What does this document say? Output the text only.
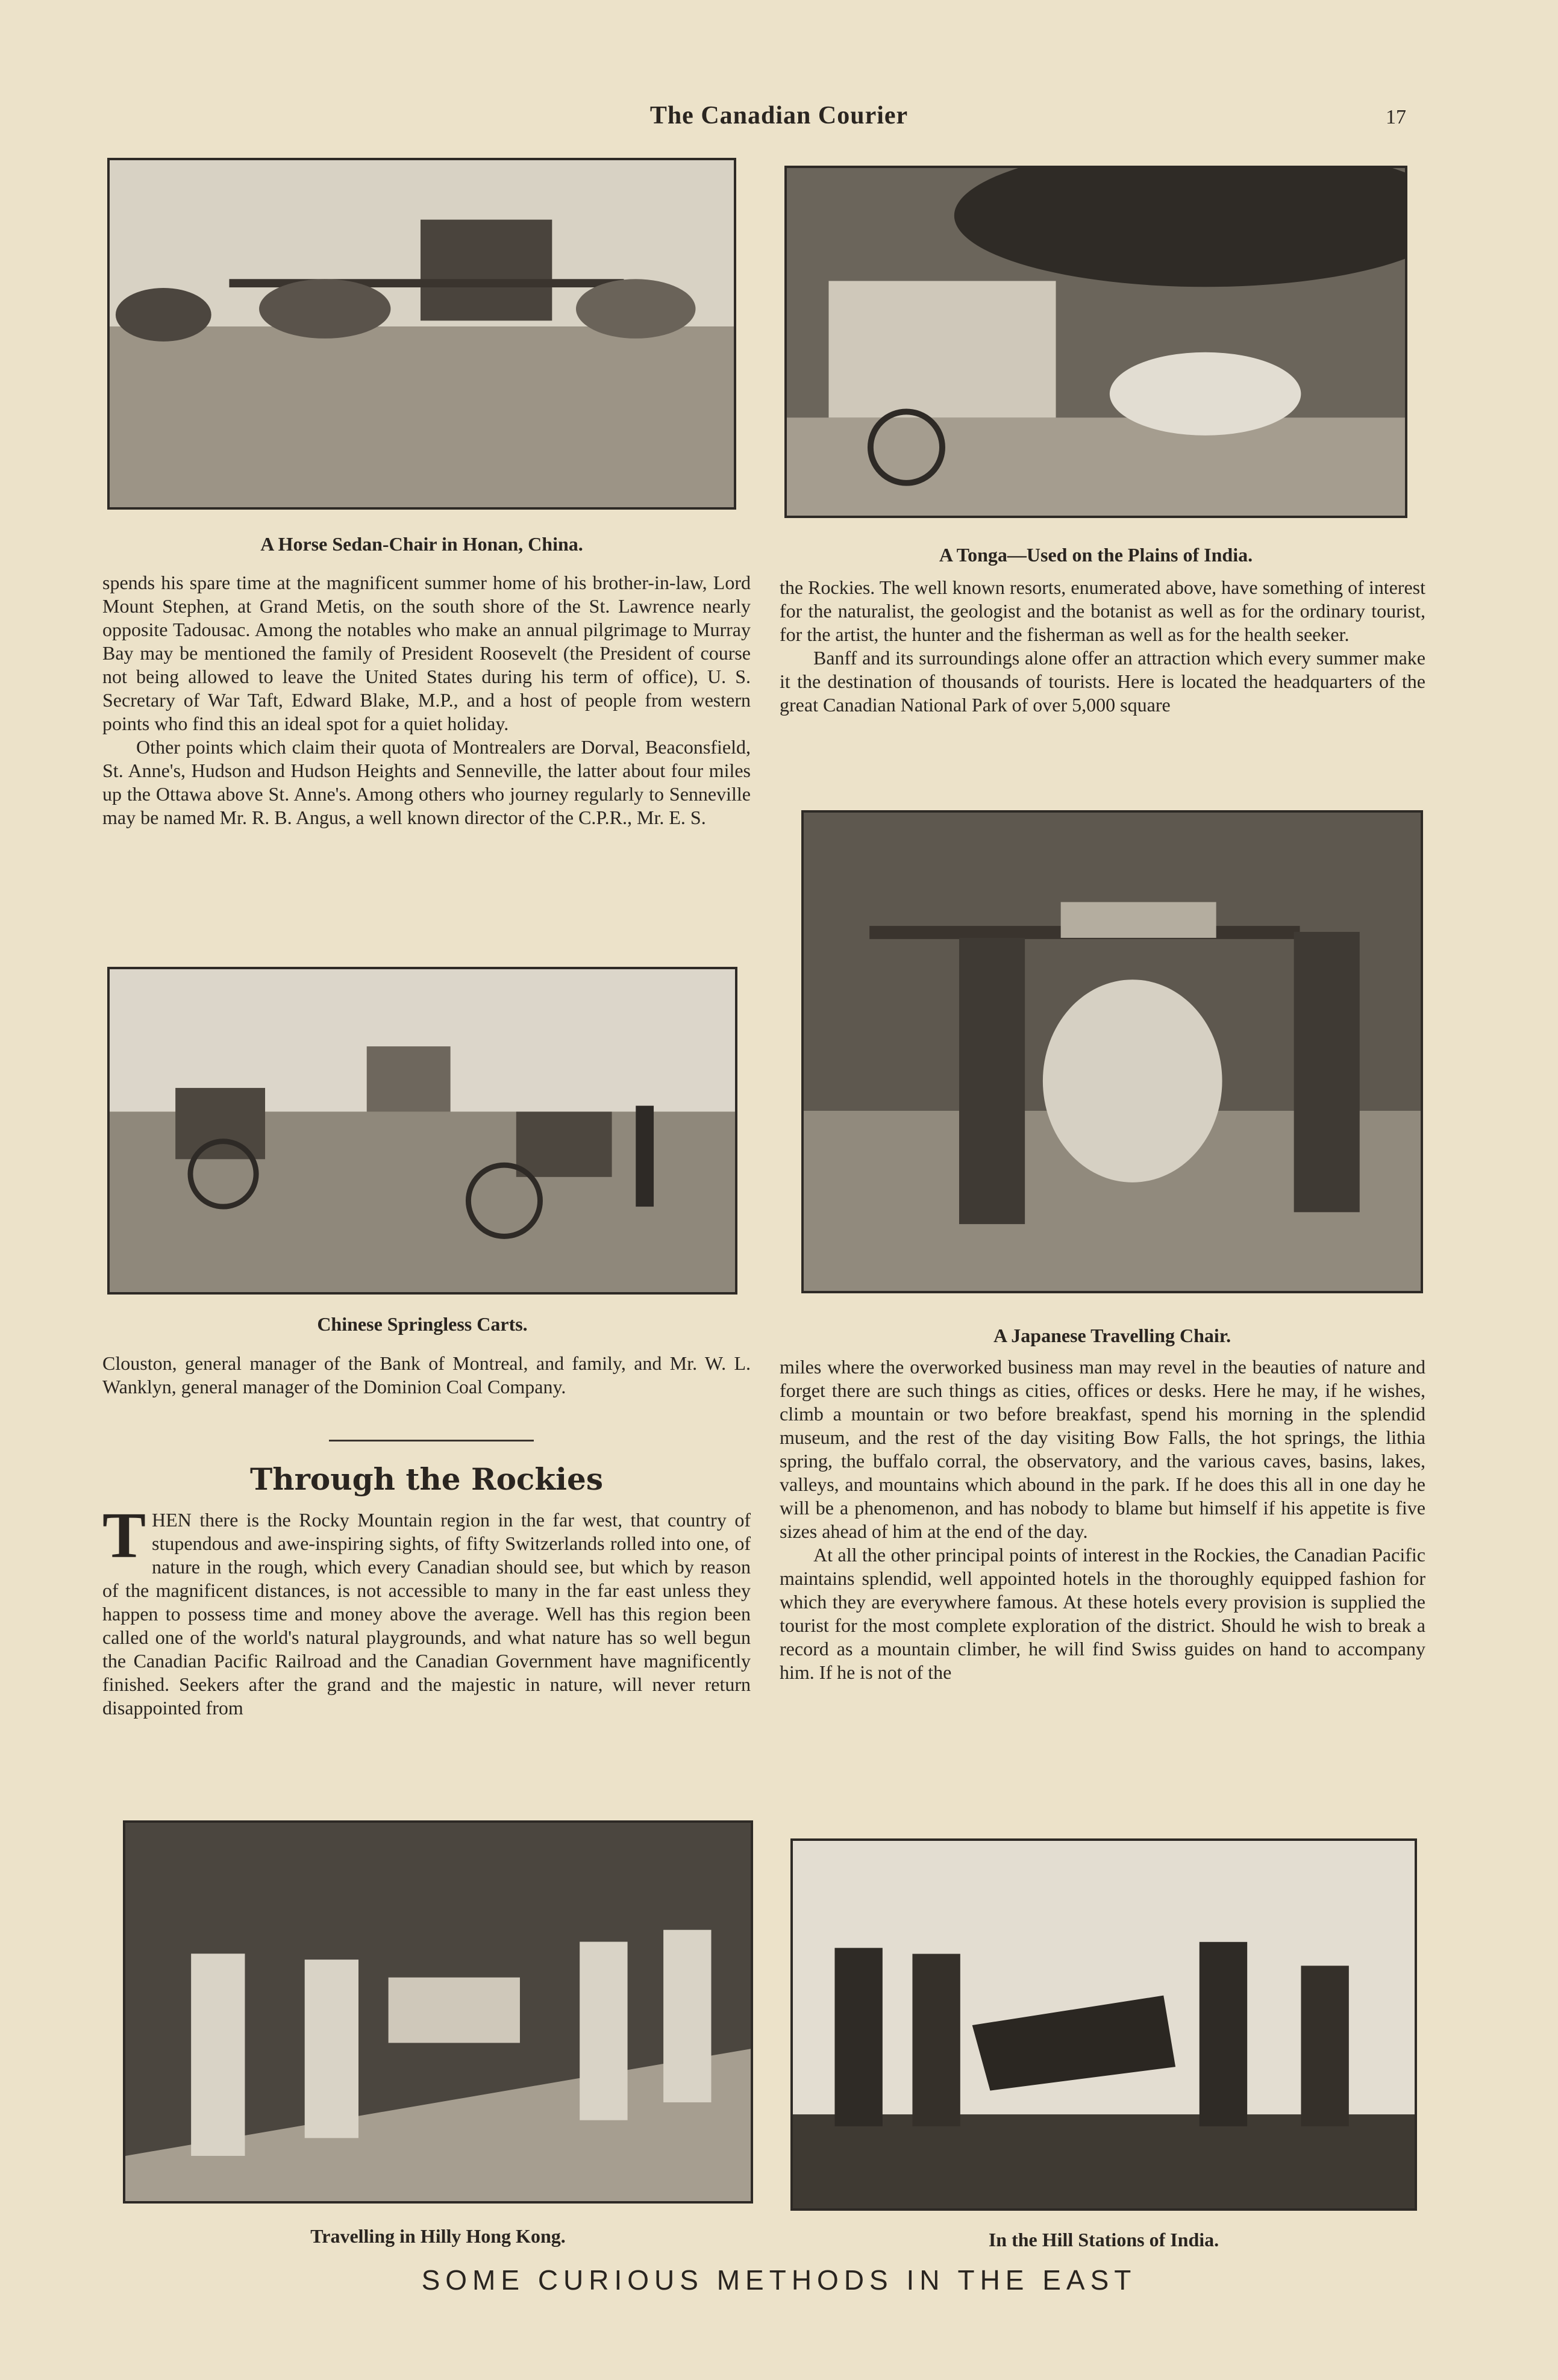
The Canadian Courier	17
A Horse Sedan-Chair in Honan, China.	A Tonga—Used on the Plains of India.

spends his spare time at the magnificent summer home of his brother-in-law, Lord Mount Stephen, at Grand Metis, on the south shore of the St. Lawrence nearly opposite Tadousac. Among the notables who make an annual pilgrimage to Murray Bay may be mentioned the family of President Roosevelt (the President of course not being allowed to leave the United States during his term of office), U. S. Secretary of War Taft, Edward Blake, M.P., and a host of people from western points who find this an ideal spot for a quiet holiday.

Other points which claim their quota of Montrealers are Dorval, Beaconsfield, St. Anne's, Hudson and Hudson Heights and Senneville, the latter about four miles up the Ottawa above St. Anne's. Among others who journey regularly to Senneville may be named Mr. R. B. Angus, a well known director of the C.P.R., Mr. E. S.

the Rockies. The well known resorts, enumerated above, have something of interest for the naturalist, the geologist and the botanist as well as for the ordinary tourist, for the artist, the hunter and the fisherman as well as for the health seeker.

Banff and its surroundings alone offer an attraction which every summer make it the destination of thousands of tourists. Here is located the headquarters of the great Canadian National Park of over 5,000 square

Chinese Springless Carts.
A Japanese Travelling Chair.

Clouston, general manager of the Bank of Montreal, and family, and Mr. W. L. Wanklyn, general manager of the Dominion Coal Company.

Through the Rockies

THEN there is the Rocky Mountain region in the far west, that country of stupendous and awe-inspiring sights, of fifty Switzerlands rolled into one, of nature in the rough, which every Canadian should see, but which by reason of the magnificent distances, is not accessible to many in the far east unless they happen to possess time and money above the average. Well has this region been called one of the world's natural playgrounds, and what nature has so well begun the Canadian Pacific Railroad and the Canadian Government have magnificently finished. Seekers after the grand and the majestic in nature, will never return disappointed from

miles where the overworked business man may revel in the beauties of nature and forget there are such things as cities, offices or desks. Here he may, if he wishes, climb a mountain or two before breakfast, spend his morning in the splendid museum, and the rest of the day visiting Bow Falls, the hot springs, the lithia spring, the buffalo corral, the observatory, and the various caves, basins, lakes, valleys, and mountains which abound in the park. If he does this all in one day he will be a phenomenon, and has nobody to blame but himself if his appetite is five sizes ahead of him at the end of the day.

At all the other principal points of interest in the Rockies, the Canadian Pacific maintains splendid, well appointed hotels in the thoroughly equipped fashion for which they are everywhere famous. At these hotels every provision is supplied the tourist for the most complete exploration of the district. Should he wish to break a record as a mountain climber, he will find Swiss guides on hand to accompany him. If he is not of the

Travelling in Hilly Hong Kong.	In the Hill Stations of India.
SOME CURIOUS METHODS IN THE EAST
